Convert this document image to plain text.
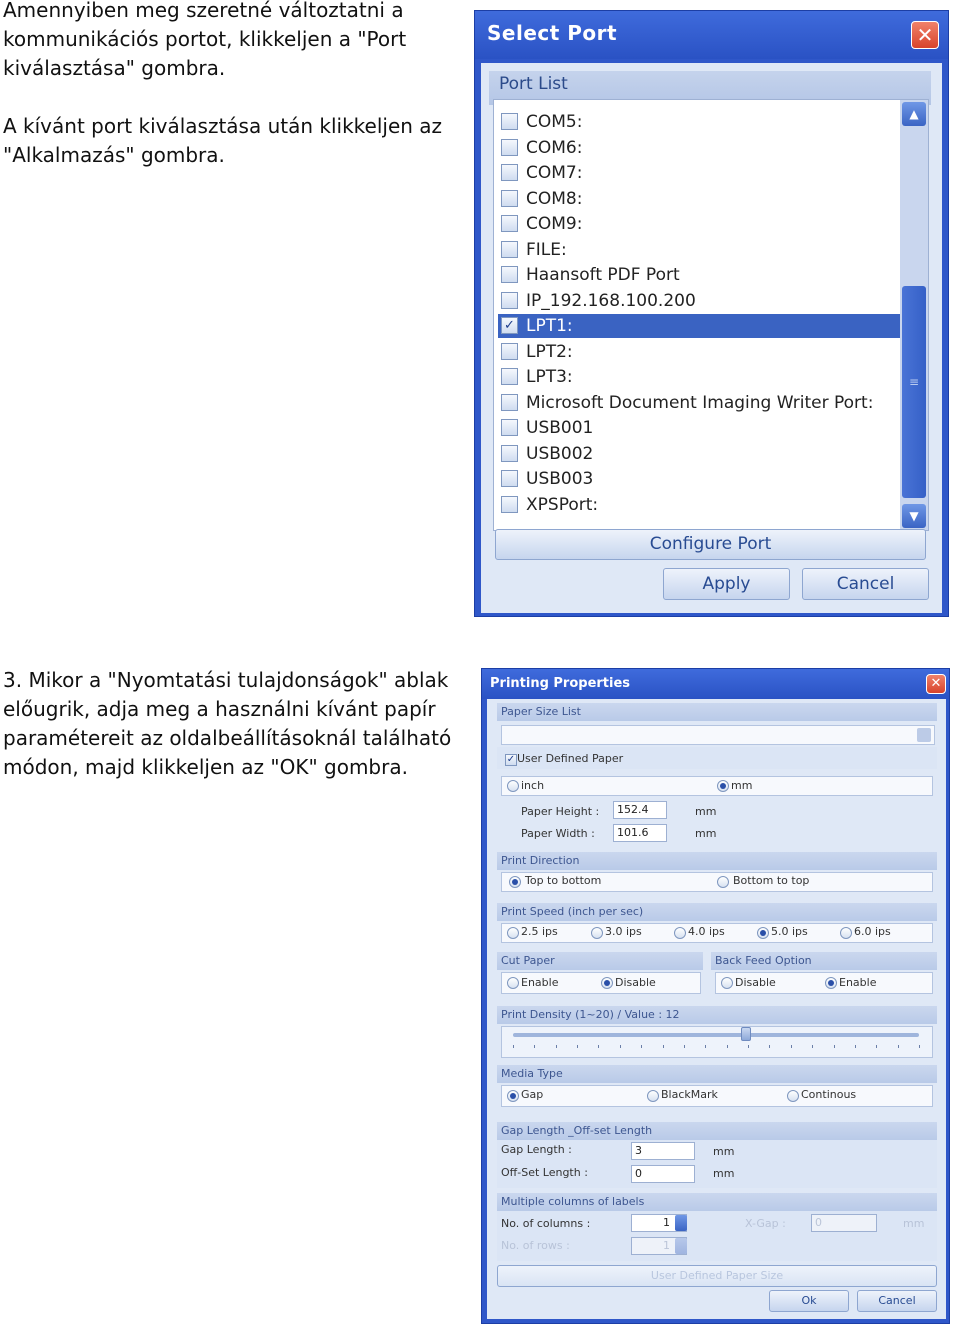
Amennyiben meg szeretné változtatni a
kommunikációs portot, klikkeljen a "Port
kiválasztása" gombra.

A kívánt port kiválasztása után klikkeljen az
"Alkalmazás" gombra.
3. Mikor a "Nyomtatási tulajdonságok" ablak
előugrik, adja meg a használni kívánt papír
paramétereit az oldalbeállításoknál található
módon, majd klikkeljen az "OK" gombra.
Select Port	✕
Port List
COM5:
COM6:
COM7:
COM8:
COM9:
FILE:
Haansoft PDF Port
IP_192.168.100.200
✓ LPT1:
LPT2:
LPT3:
Microsoft Document Imaging Writer Port:
USB001
USB002
USB003
XPSPort:
▲
≡
▼
Configure Port
Apply	Cancel
Printing Properties	✕
Paper Size List
✓ User Defined Paper
inch	mm
Paper Height :	152.4	mm
Paper Width :	101.6	mm
Print Direction
Top to bottom	Bottom to top
Print Speed (inch per sec)
2.5 ips	3.0 ips	4.0 ips	5.0 ips	6.0 ips
Cut Paper
Enable	Disable
Back Feed Option
Disable	Enable
Print Density (1~20) / Value : 12
Media Type
Gap	BlackMark	Continous
Gap Length _Off-set Length
Gap Length :	3	mm
Off-Set Length :	0	mm
Multiple columns of labels
No. of columns :	1	X-Gap :	0	mm
No. of rows :	1
User Defined Paper Size
Ok	Cancel
